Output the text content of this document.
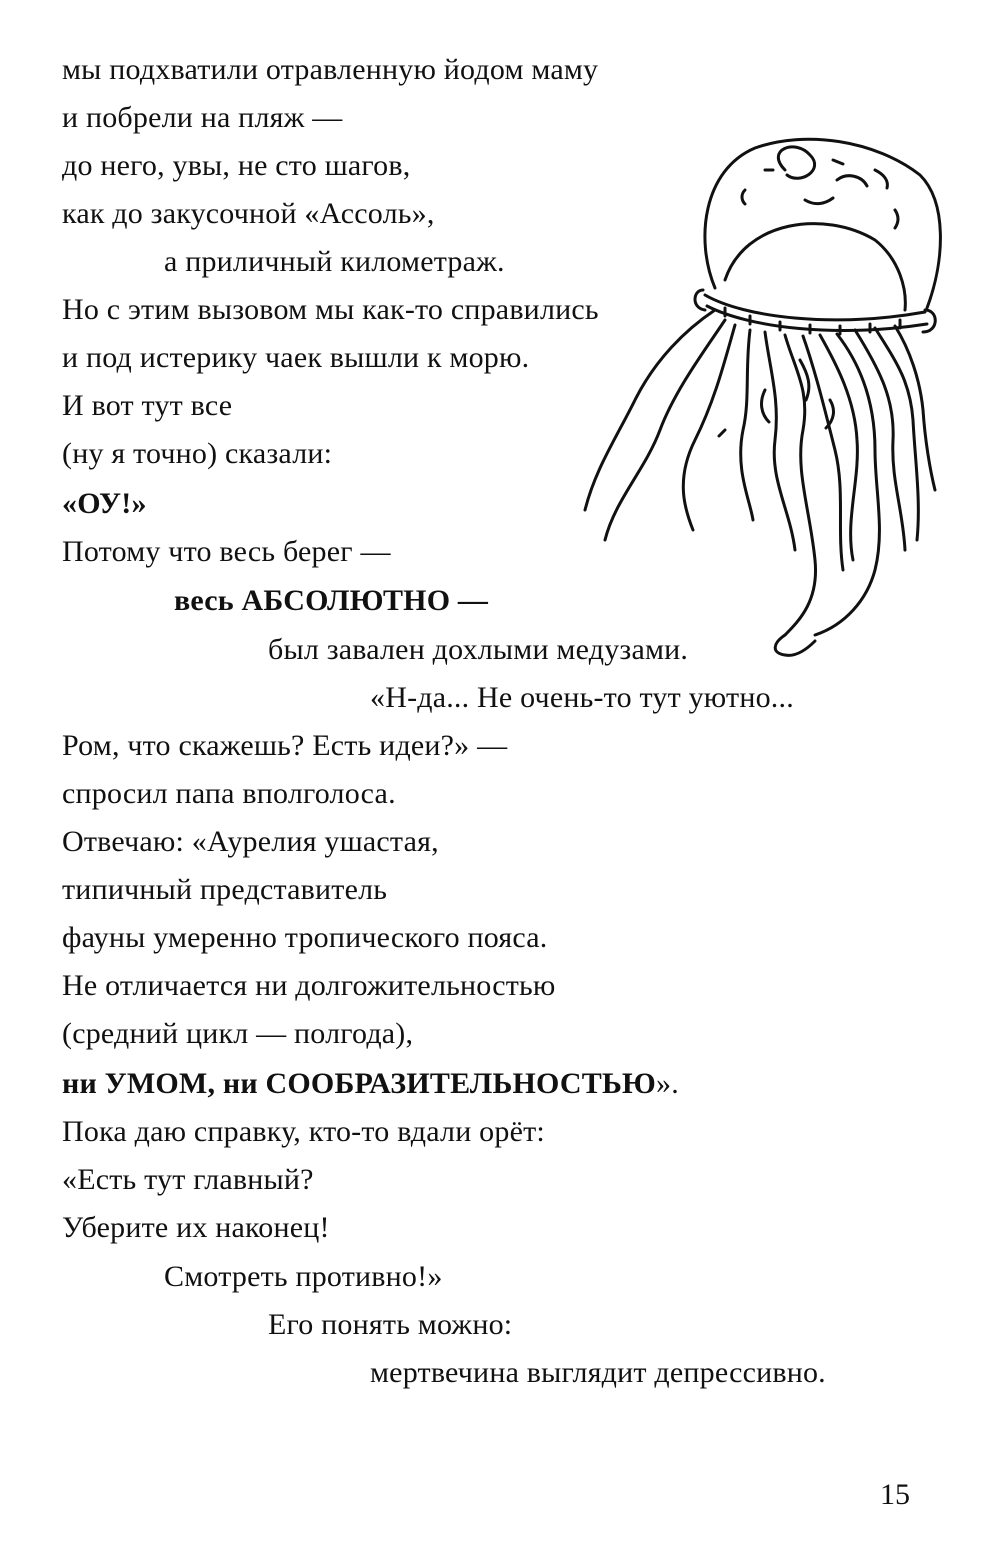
мы подхватили отравленную йодом маму
и побрели на пляж —
до него, увы, не сто шагов,
как до закусочной «Ассоль»,
а приличный километраж.
Но с этим вызовом мы как-то справились
и под истерику чаек вышли к морю.
И вот тут все
(ну я точно) сказали:
«ОУ!»
Потому что весь берег —
весь АБСОЛЮТНО —
был завален дохлыми медузами.
«Н-да... Не очень-то тут уютно...
Ром, что скажешь? Есть идеи?» —
спросил папа вполголоса.
Отвечаю: «Аурелия ушастая,
типичный представитель
фауны умеренно тропического пояса.
Не отличается ни долгожительностью
(средний цикл — полгода),
ни УМОМ, ни СООБРАЗИТЕЛЬНОСТЬЮ».
Пока даю справку, кто-то вдали орёт:
«Есть тут главный?
Уберите их наконец!
Смотреть противно!»
Его понять можно:
мертвечина выглядит депрессивно.
15
